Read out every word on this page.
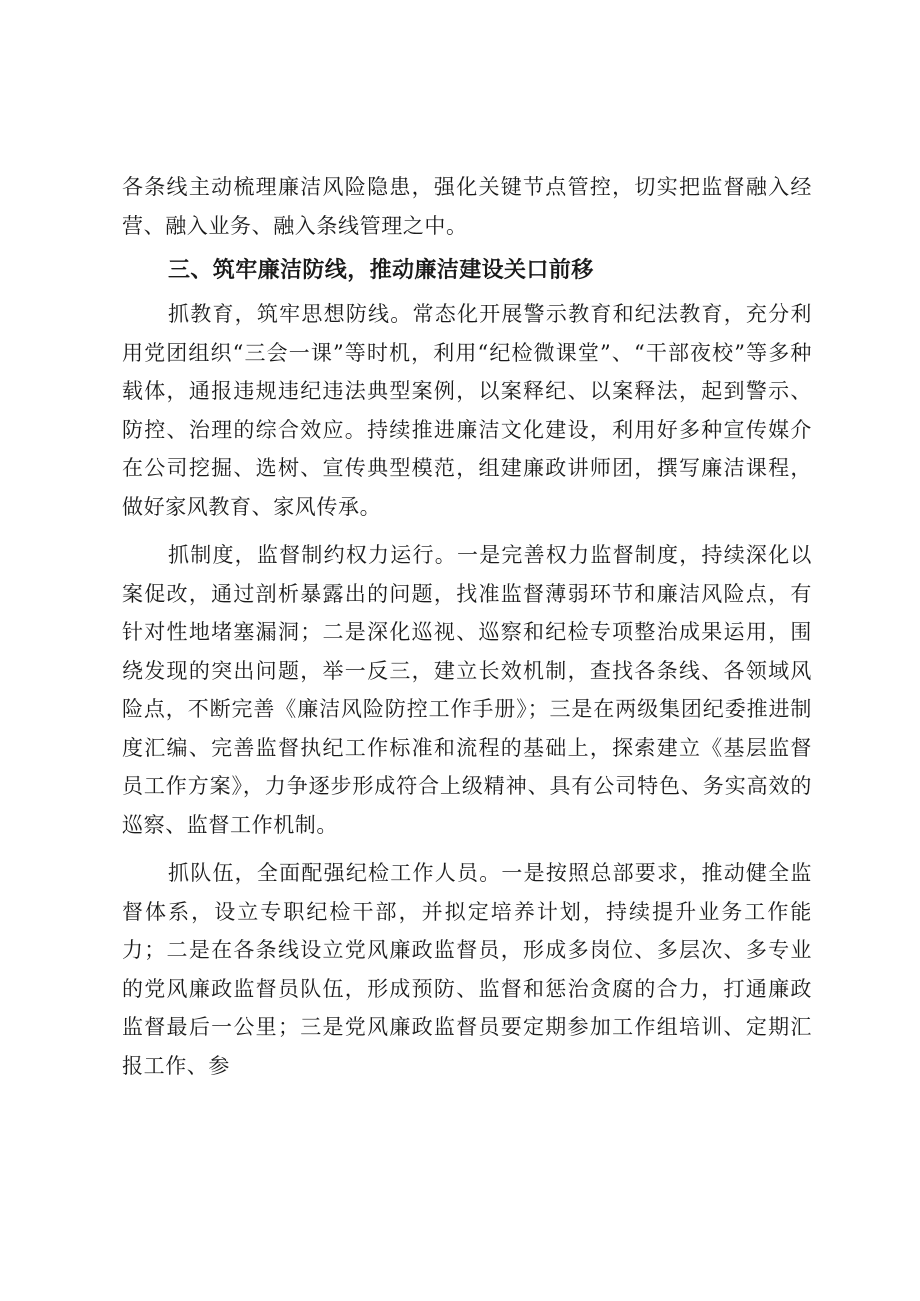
各条线主动梳理廉洁风险隐患，强化关键节点管控，切实把监督融入经营、融入业务、融入条线管理之中。

三、筑牢廉洁防线，推动廉洁建设关口前移

抓教育，筑牢思想防线。常态化开展警示教育和纪法教育，充分利用党团组织“三会一课”等时机，利用“纪检微课堂”、“干部夜校”等多种载体，通报违规违纪违法典型案例，以案释纪、以案释法，起到警示、防控、治理的综合效应。持续推进廉洁文化建设，利用好多种宣传媒介在公司挖掘、选树、宣传典型模范，组建廉政讲师团，撰写廉洁课程，做好家风教育、家风传承。

抓制度，监督制约权力运行。一是完善权力监督制度，持续深化以案促改，通过剖析暴露出的问题，找准监督薄弱环节和廉洁风险点，有针对性地堵塞漏洞；二是深化巡视、巡察和纪检专项整治成果运用，围绕发现的突出问题，举一反三，建立长效机制，查找各条线、各领域风险点，不断完善《廉洁风险防控工作手册》；三是在两级集团纪委推进制度汇编、完善监督执纪工作标准和流程的基础上，探索建立《基层监督员工作方案》，力争逐步形成符合上级精神、具有公司特色、务实高效的巡察、监督工作机制。

抓队伍，全面配强纪检工作人员。一是按照总部要求，推动健全监督体系，设立专职纪检干部，并拟定培养计划，持续提升业务工作能力；二是在各条线设立党风廉政监督员，形成多岗位、多层次、多专业的党风廉政监督员队伍，形成预防、监督和惩治贪腐的合力，打通廉政监督最后一公里；三是党风廉政监督员要定期参加工作组培训、定期汇报工作、参
